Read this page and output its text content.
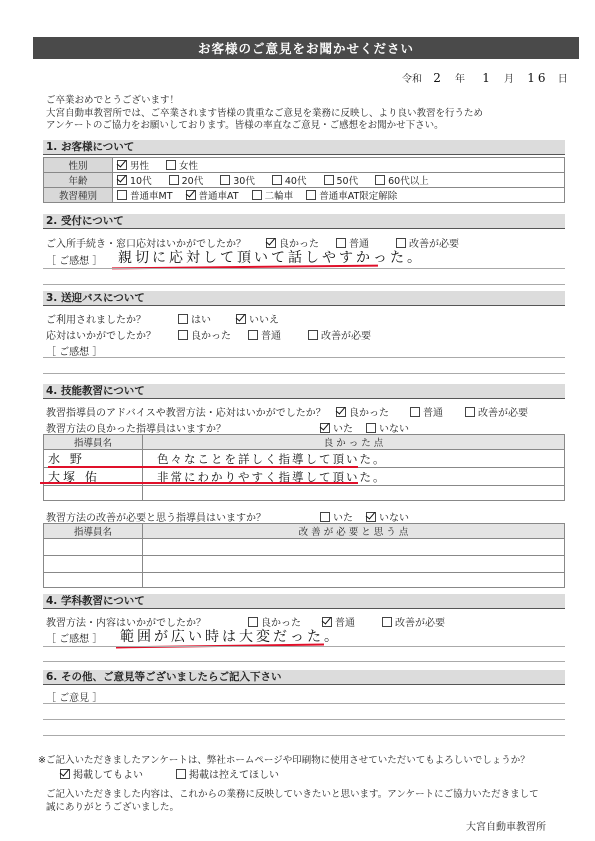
お客様のご意見をお聞かせください
令和 2 年 1 月 16 日
ご卒業おめでとうございます！
大宮自動車教習所では、ご卒業されます皆様の貴重なご意見を業務に反映し、より良い教習を行うため
アンケートのご協力をお願いしております。皆様の率直なご意見・ご感想をお聞かせ下さい。
1. お客様について
性別	男性 女性
年齢	10代 20代 30代 40代 50代 60代以上
教習種別	普通車MT 普通車AT 二輪車 普通車AT限定解除
2. 受付について
ご入所手続き・窓口応対はいかがでしたか？	良かった	普通	改善が必要
［ ご感想 ］ 親切に応対して頂いて話しやすかった。
3. 送迎バスについて
ご利用されましたか？	はい	いいえ
応対はいかがでしたか？	良かった	普通	改善が必要
［ ご感想 ］
4. 技能教習について
教習指導員のアドバイスや教習方法・応対はいかがでしたか？	良かった	普通	改善が必要
教習方法の良かった指導員はいますか？	いた	いない
指導員名	良 か っ た 点
水 野	色々なことを詳しく指導して頂いた。
大塚 佑	非常にわかりやすく指導して頂いた。

教習方法の改善が必要と思う指導員はいますか？	いた	いない
指導員名	改 善 が 必 要 と 思 う 点

4. 学科教習について
教習方法・内容はいかがでしたか？	良かった	普通	改善が必要
［ ご感想 ］ 範囲が広い時は大変だった。
6. その他、ご意見等ございましたらご記入下さい
［ ご意見 ］
※ご記入いただきましたアンケートは、弊社ホームページや印刷物に使用させていただいてもよろしいでしょうか？
掲載してもよい	掲載は控えてほしい
ご記入いただきました内容は、これからの業務に反映していきたいと思います。アンケートにご協力いただきまして
誠にありがとうございました。
大宮自動車教習所
